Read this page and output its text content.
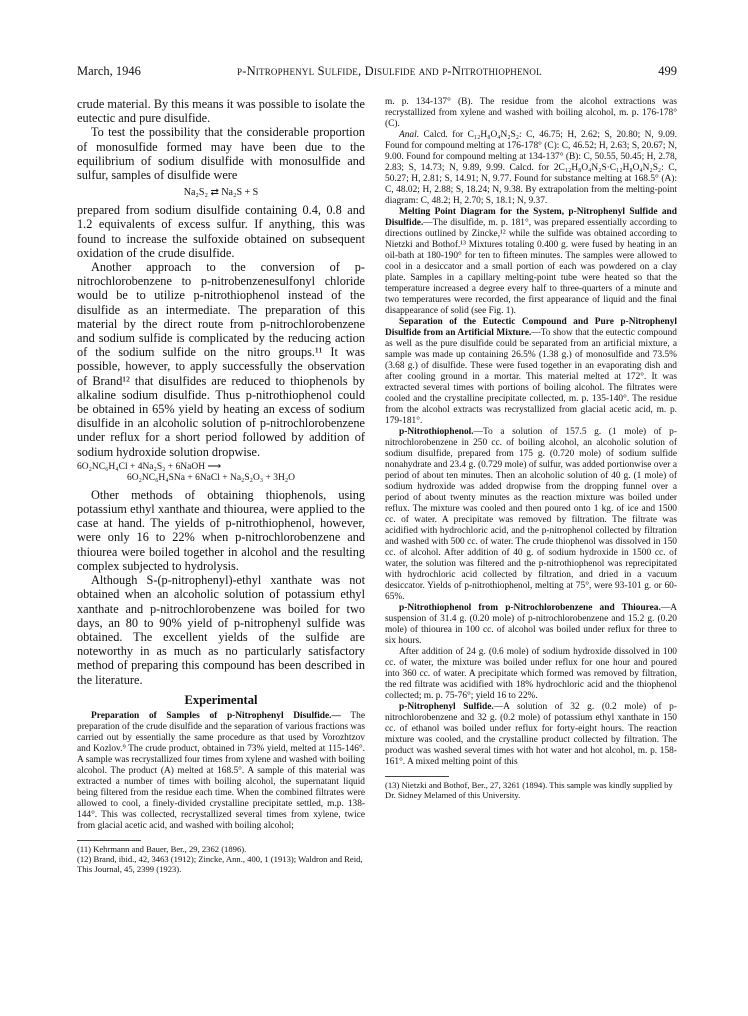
March, 1946	p-Nitrophenyl Sulfide, Disulfide and p-Nitrothiophenol	499

crude material. By this means it was possible to isolate the eutectic and pure disulfide.

To test the possibility that the considerable proportion of monosulfide formed may have been due to the equilibrium of sodium disulfide with monosulfide and sulfur, samples of disulfide were

Na₂S₂ ⇄ Na₂S + S

prepared from sodium disulfide containing 0.4, 0.8 and 1.2 equivalents of excess sulfur. If anything, this was found to increase the sulfoxide obtained on subsequent oxidation of the crude disulfide.

Another approach to the conversion of p-nitrochlorobenzene to p-nitrobenzenesulfonyl chloride would be to utilize p-nitrothiophenol instead of the disulfide as an intermediate. The preparation of this material by the direct route from p-nitrochlorobenzene and sodium sulfide is complicated by the reducing action of the sodium sulfide on the nitro groups.¹¹ It was possible, however, to apply successfully the observation of Brand¹² that disulfides are reduced to thiophenols by alkaline sodium disulfide. Thus p-nitrothiophenol could be obtained in 65% yield by heating an excess of sodium disulfide in an alcoholic solution of p-nitrochlorobenzene under reflux for a short period followed by addition of sodium hydroxide solution dropwise.

6O₂NC₆H₄Cl + 4Na₂S₂ + 6NaOH ⟶
6O₂NC₆H₄SNa + 6NaCl + Na₂S₂O₃ + 3H₂O

Other methods of obtaining thiophenols, using potassium ethyl xanthate and thiourea, were applied to the case at hand. The yields of p-nitrothiophenol, however, were only 16 to 22% when p-nitrochlorobenzene and thiourea were boiled together in alcohol and the resulting complex subjected to hydrolysis.

Although S-(p-nitrophenyl)-ethyl xanthate was not obtained when an alcoholic solution of potassium ethyl xanthate and p-nitrochlorobenzene was boiled for two days, an 80 to 90% yield of p-nitrophenyl sulfide was obtained. The excellent yields of the sulfide are noteworthy in as much as no particularly satisfactory method of preparing this compound has been described in the literature.

Experimental

Preparation of Samples of p-Nitrophenyl Disulfide.— The preparation of the crude disulfide and the separation of various fractions was carried out by essentially the same procedure as that used by Vorozhtzov and Kozlov.⁹ The crude product, obtained in 73% yield, melted at 115-146°. A sample was recrystallized four times from xylene and washed with boiling alcohol. The product (A) melted at 168.5°. A sample of this material was extracted a number of times with boiling alcohol, the supernatant liquid being filtered from the residue each time. When the combined filtrates were allowed to cool, a finely-divided crystalline precipitate settled, m.p. 138-144°. This was collected, recrystallized several times from xylene, twice from glacial acetic acid, and washed with boiling alcohol;

(11) Kehrmann and Bauer, Ber., 29, 2362 (1896).
(12) Brand, ibid., 42, 3463 (1912); Zincke, Ann., 400, 1 (1913); Waldron and Reid, This Journal, 45, 2399 (1923).

m. p. 134-137° (B). The residue from the alcohol extractions was recrystallized from xylene and washed with boiling alcohol, m. p. 176-178° (C).

Anal. Calcd. for C₁₂H₈O₄N₂S₂: C, 46.75; H, 2.62; S, 20.80; N, 9.09. Found for compound melting at 176-178° (C): C, 46.52; H, 2.63; S, 20.67; N, 9.00. Found for compound melting at 134-137° (B): C, 50.55, 50.45; H, 2.78, 2.83; S, 14.73; N, 9.89, 9.99. Calcd. for 2C₁₂H₈O₄N₂S·C₁₂H₈O₄N₂S₂: C, 50.27; H, 2.81; S, 14.91; N, 9.77. Found for substance melting at 168.5° (A): C, 48.02; H, 2.88; S, 18.24; N, 9.38. By extrapolation from the melting-point diagram: C, 48.2; H, 2.70; S, 18.1; N, 9.37.

Melting Point Diagram for the System, p-Nitrophenyl Sulfide and Disulfide.—The disulfide, m. p. 181°, was prepared essentially according to directions outlined by Zincke,¹² while the sulfide was obtained according to Nietzki and Bothof.¹³ Mixtures totaling 0.400 g. were fused by heating in an oil-bath at 180-190° for ten to fifteen minutes. The samples were allowed to cool in a desiccator and a small portion of each was powdered on a clay plate. Samples in a capillary melting-point tube were heated so that the temperature increased a degree every half to three-quarters of a minute and two temperatures were recorded, the first appearance of liquid and the final disappearance of solid (see Fig. 1).

Separation of the Eutectic Compound and Pure p-Nitrophenyl Disulfide from an Artificial Mixture.—To show that the eutectic compound as well as the pure disulfide could be separated from an artificial mixture, a sample was made up containing 26.5% (1.38 g.) of monosulfide and 73.5% (3.68 g.) of disulfide. These were fused together in an evaporating dish and after cooling ground in a mortar. This material melted at 172°. It was extracted several times with portions of boiling alcohol. The filtrates were cooled and the crystalline precipitate collected, m. p. 135-140°. The residue from the alcohol extracts was recrystallized from glacial acetic acid, m. p. 179-181°.

p-Nitrothiophenol.—To a solution of 157.5 g. (1 mole) of p-nitrochlorobenzene in 250 cc. of boiling alcohol, an alcoholic solution of sodium disulfide, prepared from 175 g. (0.720 mole) of sodium sulfide nonahydrate and 23.4 g. (0.729 mole) of sulfur, was added portionwise over a period of about ten minutes. Then an alcoholic solution of 40 g. (1 mole) of sodium hydroxide was added dropwise from the dropping funnel over a period of about twenty minutes as the reaction mixture was boiled under reflux. The mixture was cooled and then poured onto 1 kg. of ice and 1500 cc. of water. A precipitate was removed by filtration. The filtrate was acidified with hydrochloric acid, and the p-nitrophenol collected by filtration and washed with 500 cc. of water. The crude thiophenol was dissolved in 150 cc. of alcohol. After addition of 40 g. of sodium hydroxide in 1500 cc. of water, the solution was filtered and the p-nitrothiophenol was reprecipitated with hydrochloric acid collected by filtration, and dried in a vacuum desiccator. Yields of p-nitrothiophenol, melting at 75°, were 93-101 g. or 60-65%.

p-Nitrothiophenol from p-Nitrochlorobenzene and Thiourea.—A suspension of 31.4 g. (0.20 mole) of p-nitrochlorobenzene and 15.2 g. (0.20 mole) of thiourea in 100 cc. of alcohol was boiled under reflux for three to six hours.

After addition of 24 g. (0.6 mole) of sodium hydroxide dissolved in 100 cc. of water, the mixture was boiled under reflux for one hour and poured into 360 cc. of water. A precipitate which formed was removed by filtration, the red filtrate was acidified with 18% hydrochloric acid and the thiophenol collected; m. p. 75-76°; yield 16 to 22%.

p-Nitrophenyl Sulfide.—A solution of 32 g. (0.2 mole) of p-nitrochlorobenzene and 32 g. (0.2 mole) of potassium ethyl xanthate in 150 cc. of ethanol was boiled under reflux for forty-eight hours. The reaction mixture was cooled, and the crystalline product collected by filtration. The product was washed several times with hot water and hot alcohol, m. p. 158-161°. A mixed melting point of this

(13) Nietzki and Bothof, Ber., 27, 3261 (1894). This sample was kindly supplied by Dr. Sidney Melamed of this University.
